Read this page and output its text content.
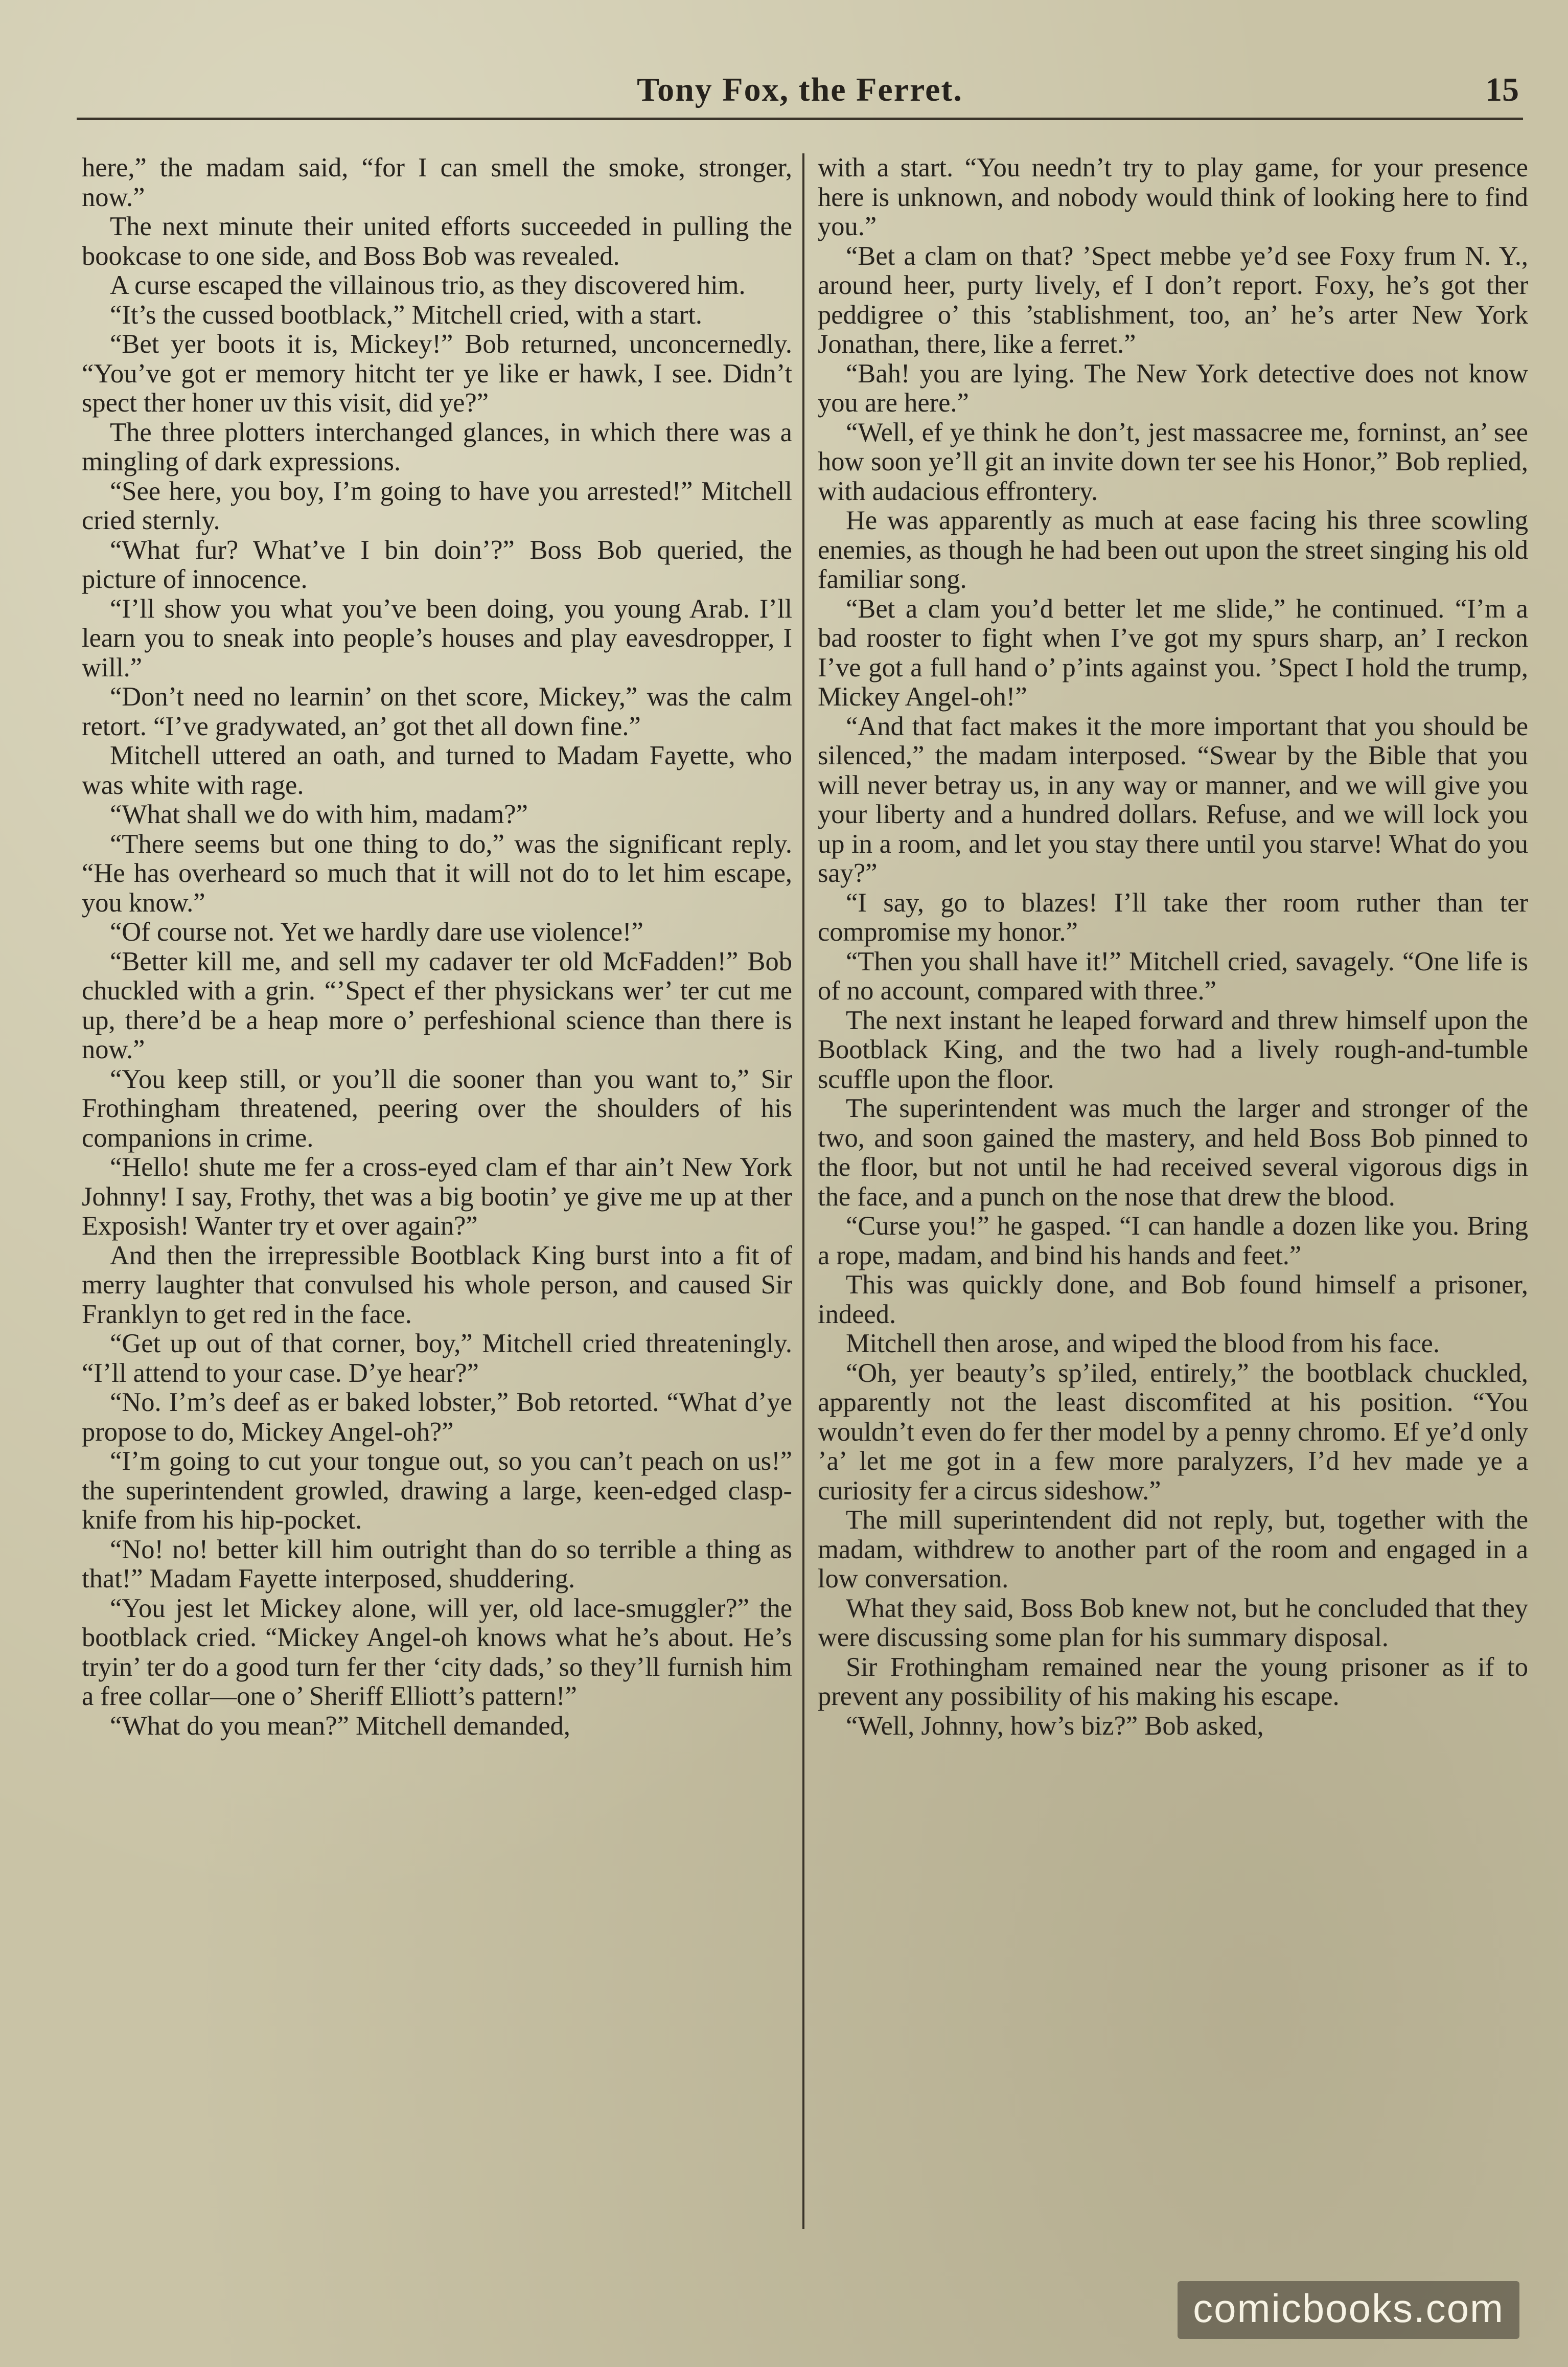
Tony Fox, the Ferret.	15

here,” the madam said, “for I can smell the smoke, stronger, now.”

The next minute their united efforts succeeded in pulling the bookcase to one side, and Boss Bob was revealed.

A curse escaped the villainous trio, as they discovered him.

“It’s the cussed bootblack,” Mitchell cried, with a start.

“Bet yer boots it is, Mickey!” Bob returned, unconcernedly. “You’ve got er memory hitcht ter ye like er hawk, I see. Didn’t spect ther honer uv this visit, did ye?”

The three plotters interchanged glances, in which there was a mingling of dark expressions.

“See here, you boy, I’m going to have you arrested!” Mitchell cried sternly.

“What fur? What’ve I bin doin’?” Boss Bob queried, the picture of innocence.

“I’ll show you what you’ve been doing, you young Arab. I’ll learn you to sneak into people’s houses and play eavesdropper, I will.”

“Don’t need no learnin’ on thet score, Mickey,” was the calm retort. “I’ve gradywated, an’ got thet all down fine.”

Mitchell uttered an oath, and turned to Madam Fayette, who was white with rage.

“What shall we do with him, madam?”

“There seems but one thing to do,” was the significant reply. “He has overheard so much that it will not do to let him escape, you know.”

“Of course not. Yet we hardly dare use violence!”

“Better kill me, and sell my cadaver ter old McFadden!” Bob chuckled with a grin. “’Spect ef ther physickans wer’ ter cut me up, there’d be a heap more o’ perfeshional science than there is now.”

“You keep still, or you’ll die sooner than you want to,” Sir Frothingham threatened, peering over the shoulders of his companions in crime.

“Hello! shute me fer a cross-eyed clam ef thar ain’t New York Johnny! I say, Frothy, thet was a big bootin’ ye give me up at ther Exposish! Wanter try et over again?”

And then the irrepressible Bootblack King burst into a fit of merry laughter that convulsed his whole person, and caused Sir Franklyn to get red in the face.

“Get up out of that corner, boy,” Mitchell cried threateningly. “I’ll attend to your case. D’ye hear?”

“No. I’m’s deef as er baked lobster,” Bob retorted. “What d’ye propose to do, Mickey Angel-oh?”

“I’m going to cut your tongue out, so you can’t peach on us!” the superintendent growled, drawing a large, keen-edged clasp-knife from his hip-pocket.

“No! no! better kill him outright than do so terrible a thing as that!” Madam Fayette interposed, shuddering.

“You jest let Mickey alone, will yer, old lace-smuggler?” the bootblack cried. “Mickey Angel-oh knows what he’s about. He’s tryin’ ter do a good turn fer ther ‘city dads,’ so they’ll furnish him a free collar—one o’ Sheriff Elliott’s pattern!”

“What do you mean?” Mitchell demanded,

with a start. “You needn’t try to play game, for your presence here is unknown, and nobody would think of looking here to find you.”

“Bet a clam on that? ’Spect mebbe ye’d see Foxy frum N. Y., around heer, purty lively, ef I don’t report. Foxy, he’s got ther peddigree o’ this ’stablishment, too, an’ he’s arter New York Jonathan, there, like a ferret.”

“Bah! you are lying. The New York detective does not know you are here.”

“Well, ef ye think he don’t, jest massacree me, forninst, an’ see how soon ye’ll git an invite down ter see his Honor,” Bob replied, with audacious effrontery.

He was apparently as much at ease facing his three scowling enemies, as though he had been out upon the street singing his old familiar song.

“Bet a clam you’d better let me slide,” he continued. “I’m a bad rooster to fight when I’ve got my spurs sharp, an’ I reckon I’ve got a full hand o’ p’ints against you. ’Spect I hold the trump, Mickey Angel-oh!”

“And that fact makes it the more important that you should be silenced,” the madam interposed. “Swear by the Bible that you will never betray us, in any way or manner, and we will give you your liberty and a hundred dollars. Refuse, and we will lock you up in a room, and let you stay there until you starve! What do you say?”

“I say, go to blazes! I’ll take ther room ruther than ter compromise my honor.”

“Then you shall have it!” Mitchell cried, savagely. “One life is of no account, compared with three.”

The next instant he leaped forward and threw himself upon the Bootblack King, and the two had a lively rough-and-tumble scuffle upon the floor.

The superintendent was much the larger and stronger of the two, and soon gained the mastery, and held Boss Bob pinned to the floor, but not until he had received several vigorous digs in the face, and a punch on the nose that drew the blood.

“Curse you!” he gasped. “I can handle a dozen like you. Bring a rope, madam, and bind his hands and feet.”

This was quickly done, and Bob found himself a prisoner, indeed.

Mitchell then arose, and wiped the blood from his face.

“Oh, yer beauty’s sp’iled, entirely,” the bootblack chuckled, apparently not the least discomfited at his position. “You wouldn’t even do fer ther model by a penny chromo. Ef ye’d only ’a’ let me got in a few more paralyzers, I’d hev made ye a curiosity fer a circus sideshow.”

The mill superintendent did not reply, but, together with the madam, withdrew to another part of the room and engaged in a low conversation.

What they said, Boss Bob knew not, but he concluded that they were discussing some plan for his summary disposal.

Sir Frothingham remained near the young prisoner as if to prevent any possibility of his making his escape.

“Well, Johnny, how’s biz?” Bob asked,

comicbooks.com
